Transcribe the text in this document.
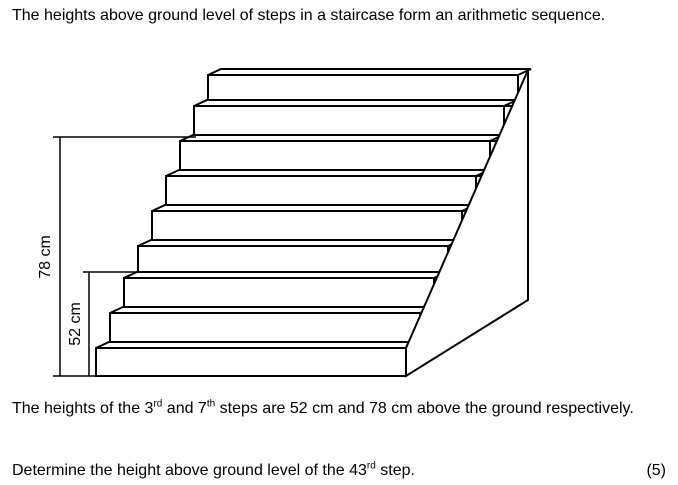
The heights above ground level of steps in a staircase form an arithmetic sequence.

78 cm
52 cm

The heights of the 3rd and 7th steps are 52 cm and 78 cm above the ground respectively.

Determine the height above ground level of the 43rd step.	(5)
